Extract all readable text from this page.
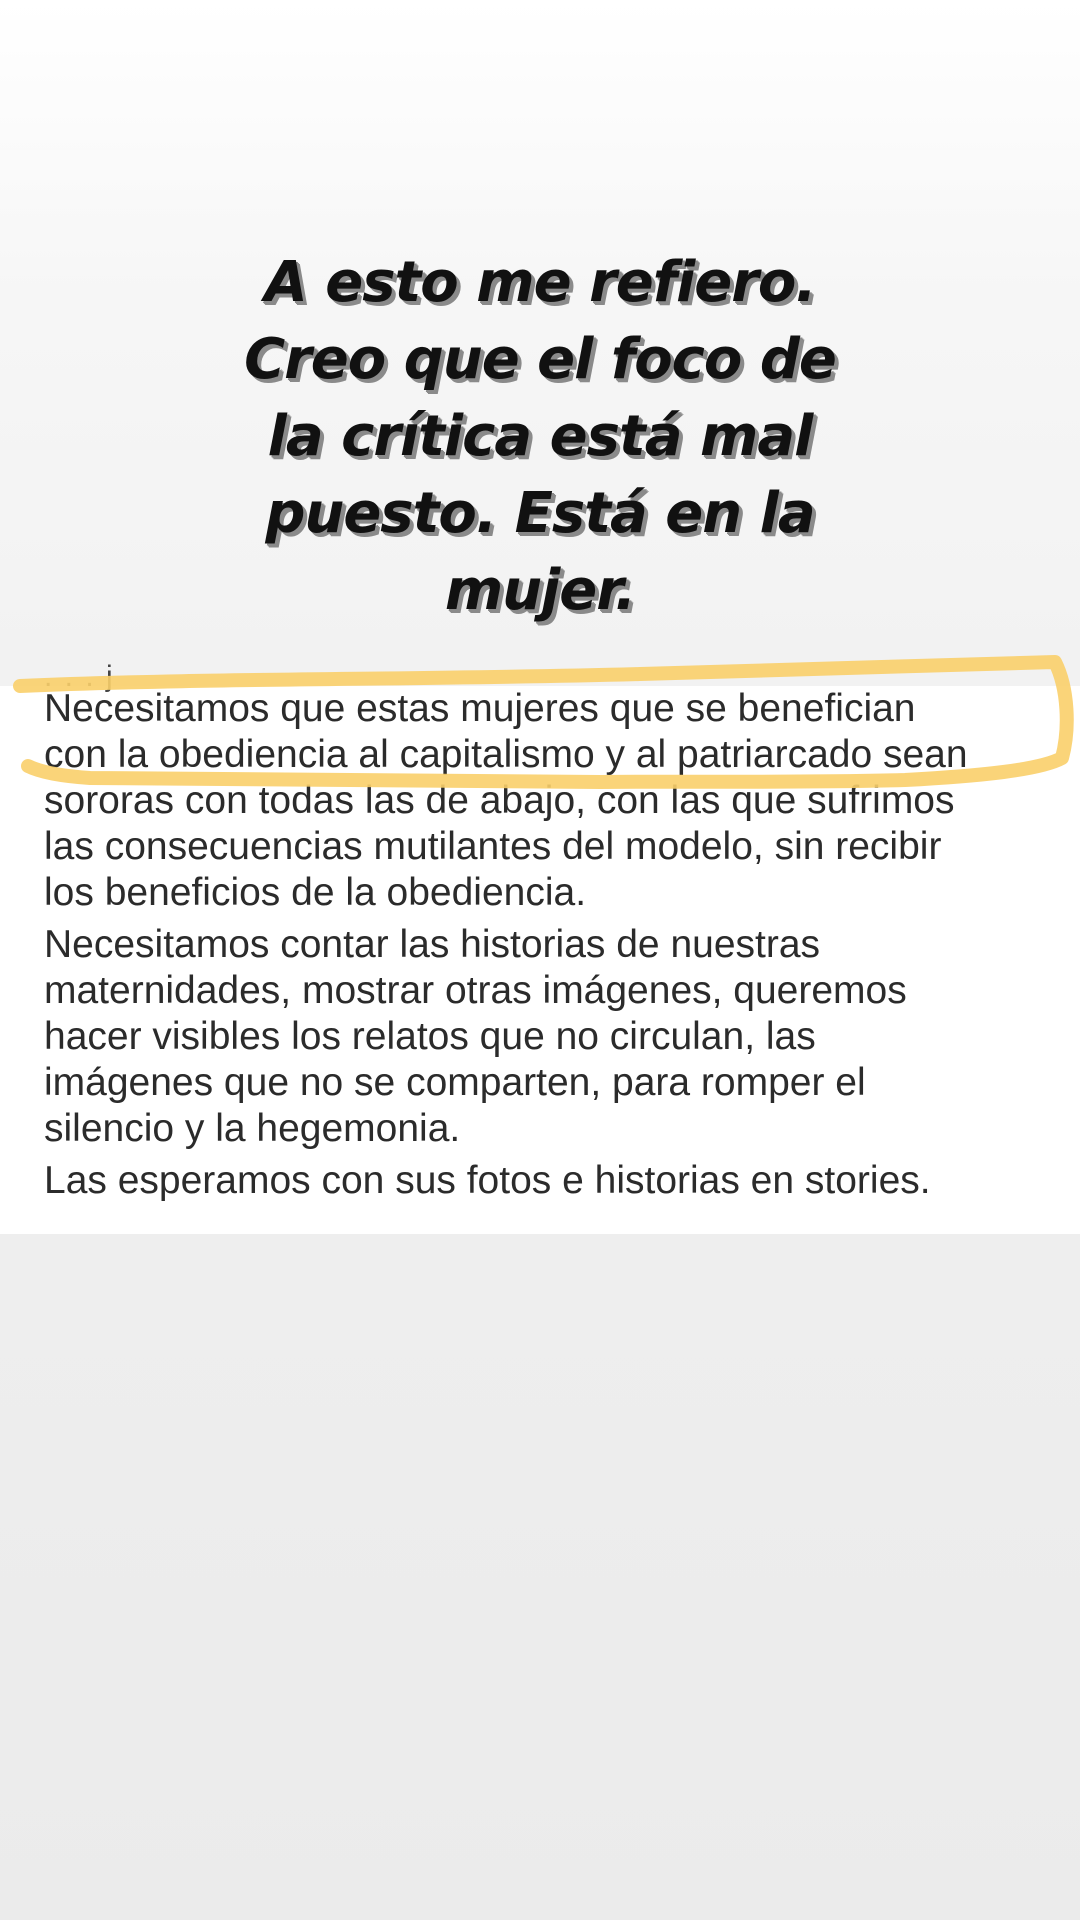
A esto me refiero.
Creo que el foco de
la crítica está mal
puesto. Está en la
mujer.
. . . j
Necesitamos que estas mujeres que se benefician
con la obediencia al capitalismo y al patriarcado sean
sororas con todas las de abajo, con las que sufrimos
las consecuencias mutilantes del modelo, sin recibir
los beneficios de la obediencia.
Necesitamos contar las historias de nuestras
maternidades, mostrar otras imágenes, queremos
hacer visibles los relatos que no circulan, las
imágenes que no se comparten, para romper el
silencio y la hegemonia.
Las esperamos con sus fotos e historias en stories.
